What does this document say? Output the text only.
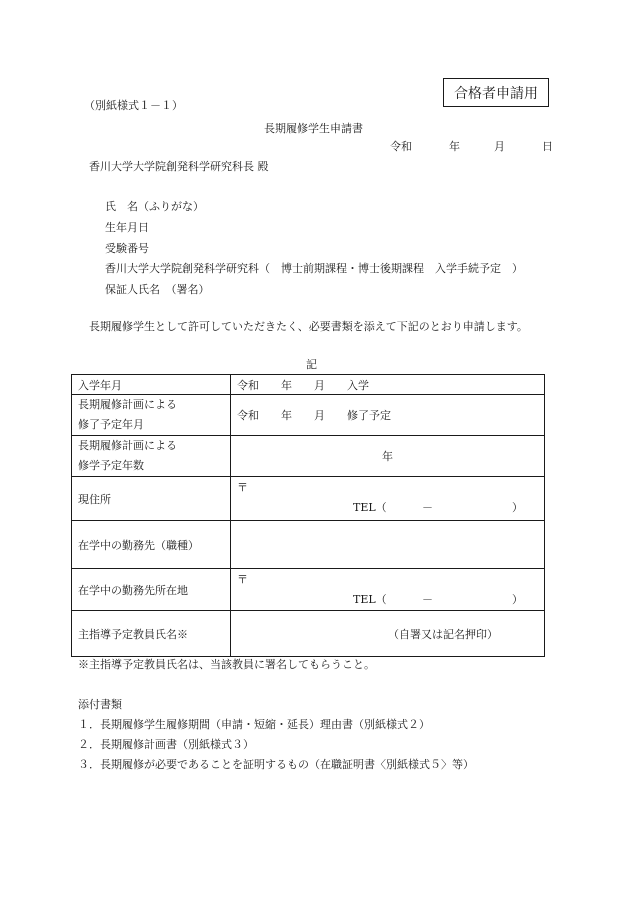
合格者申請用
（別紙様式１－１）
長期履修学生申請書
令和	年	月	日
香川大学大学院創発科学研究科長 殿
氏　名（ふりがな）
生年月日
受験番号
香川大学大学院創発科学研究科（　博士前期課程・博士後期課程　入学手続予定　）
保証人氏名　（署名）
長期履修学生として許可していただきたく、必要書類を添えて下記のとおり申請します。
記
入学年月	令和　　年　　月　　入学

長期履修計画による
修了予定年月	令和　　年　　月　　修了予定

長期履修計画による
修学予定年数	年
現住所	〒
TEL（ － ）

在学中の勤務先（職種）	
在学中の勤務先所在地	〒
TEL（ － ）

主指導予定教員氏名※	（自署又は記名押印）
※主指導予定教員氏名は、当該教員に署名してもらうこと。
添付書類
１．長期履修学生履修期間（申請・短縮・延長）理由書（別紙様式２）
２．長期履修計画書（別紙様式３）
３．長期履修が必要であることを証明するもの（在職証明書〈別紙様式５〉等）
